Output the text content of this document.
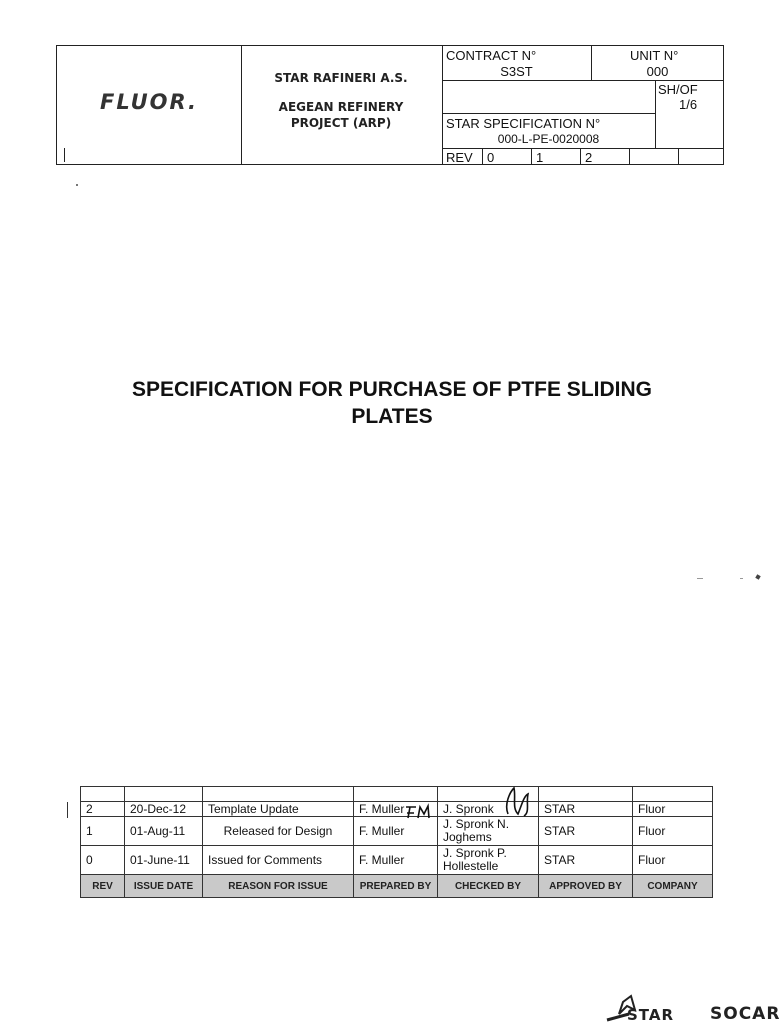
FLUOR.
STAR RAFINERI A.S.
AEGEAN REFINERY
PROJECT (ARP)
CONTRACT N°
S3ST
UNIT N°
000
SH/OF
1/6
STAR SPECIFICATION N°
000-L-PE-0020008
REV 0	1	2
SPECIFICATION FOR PURCHASE OF PTFE SLIDING
PLATES

2	20-Dec-12	Template Update	F. Muller	J. Spronk	STAR	Fluor
1	01-Aug-11	Released for Design	F. Muller	J. Spronk N. Joghems	STAR	Fluor
0	01-June-11	Issued for Comments	F. Muller	J. Spronk P. Hollestelle	STAR	Fluor
REV	ISSUE DATE	REASON FOR ISSUE	PREPARED BY	CHECKED BY	APPROVED BY	COMPANY
STAR SOCAR
